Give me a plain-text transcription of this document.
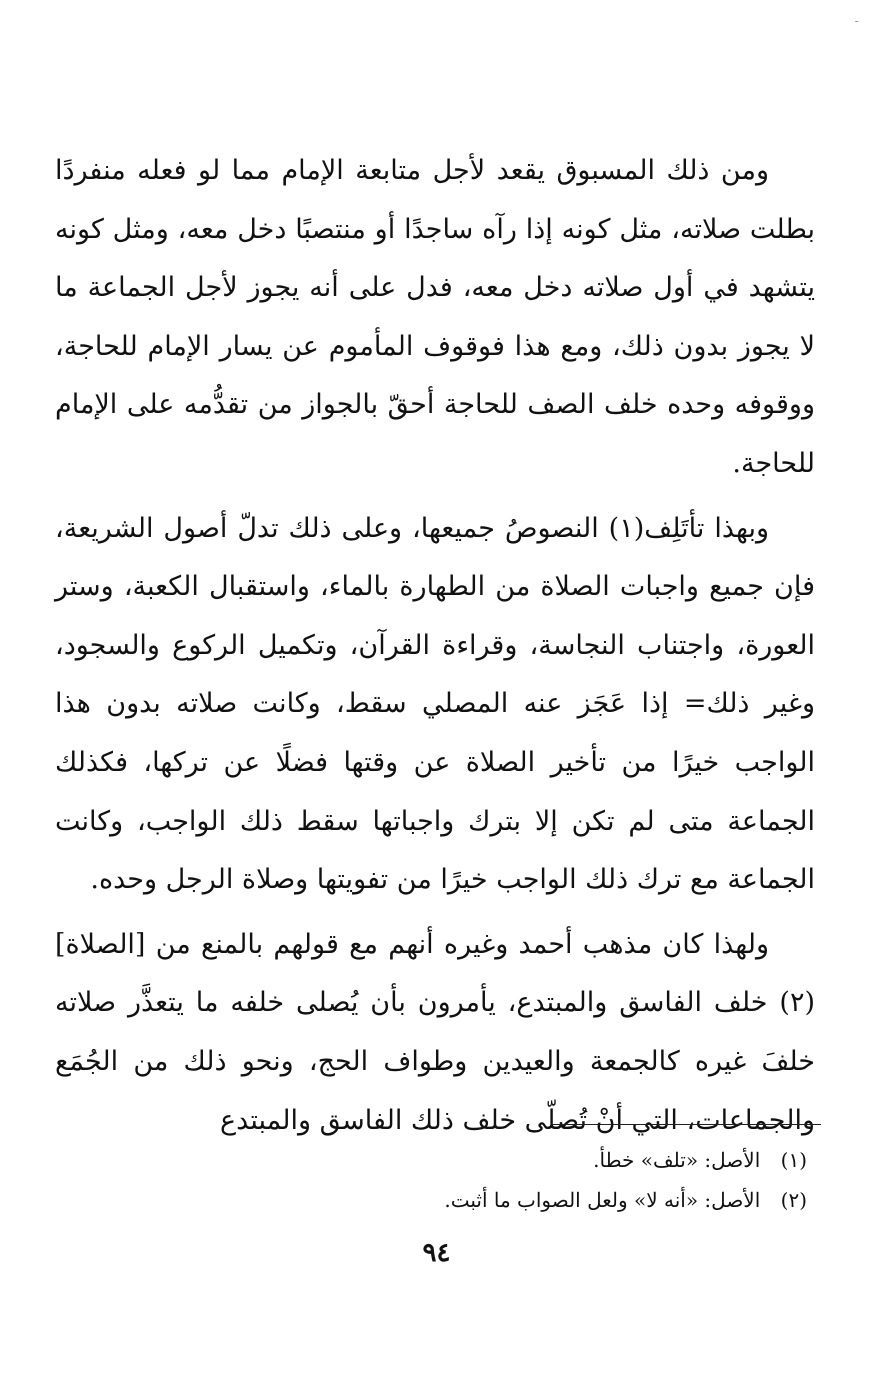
-

ومن ذلك المسبوق يقعد لأجل متابعة الإمام مما لو فعله منفردًا بطلت صلاته، مثل كونه إذا رآه ساجدًا أو منتصبًا دخل معه، ومثل كونه يتشهد في أول صلاته دخل معه، فدل على أنه يجوز لأجل الجماعة ما لا يجوز بدون ذلك، ومع هذا فوقوف المأموم عن يسار الإمام للحاجة، ووقوفه وحده خلف الصف للحاجة أحقّ بالجواز من تقدُّمه على الإمام للحاجة.

وبهذا تأتَلِف(١) النصوصُ جميعها، وعلى ذلك تدلّ أصول الشريعة، فإن جميع واجبات الصلاة من الطهارة بالماء، واستقبال الكعبة، وستر العورة، واجتناب النجاسة، وقراءة القرآن، وتكميل الركوع والسجود، وغير ذلك= إذا عَجَز عنه المصلي سقط، وكانت صلاته بدون هذا الواجب خيرًا من تأخير الصلاة عن وقتها فضلًا عن تركها، فكذلك الجماعة متى لم تكن إلا بترك واجباتها سقط ذلك الواجب، وكانت الجماعة مع ترك ذلك الواجب خيرًا من تفويتها وصلاة الرجل وحده.

ولهذا كان مذهب أحمد وغيره أنهم مع قولهم بالمنع من [الصلاة](٢) خلف الفاسق والمبتدع، يأمرون بأن يُصلى خلفه ما يتعذَّر صلاته خلفَ غيره كالجمعة والعيدين وطواف الحج، ونحو ذلك من الجُمَع والجماعات، التي أنْ تُصلّى خلف ذلك الفاسق والمبتدع

(١) الأصل: «تلف» خطأ.

(٢) الأصل: «أنه لا» ولعل الصواب ما أثبت.

٩٤
